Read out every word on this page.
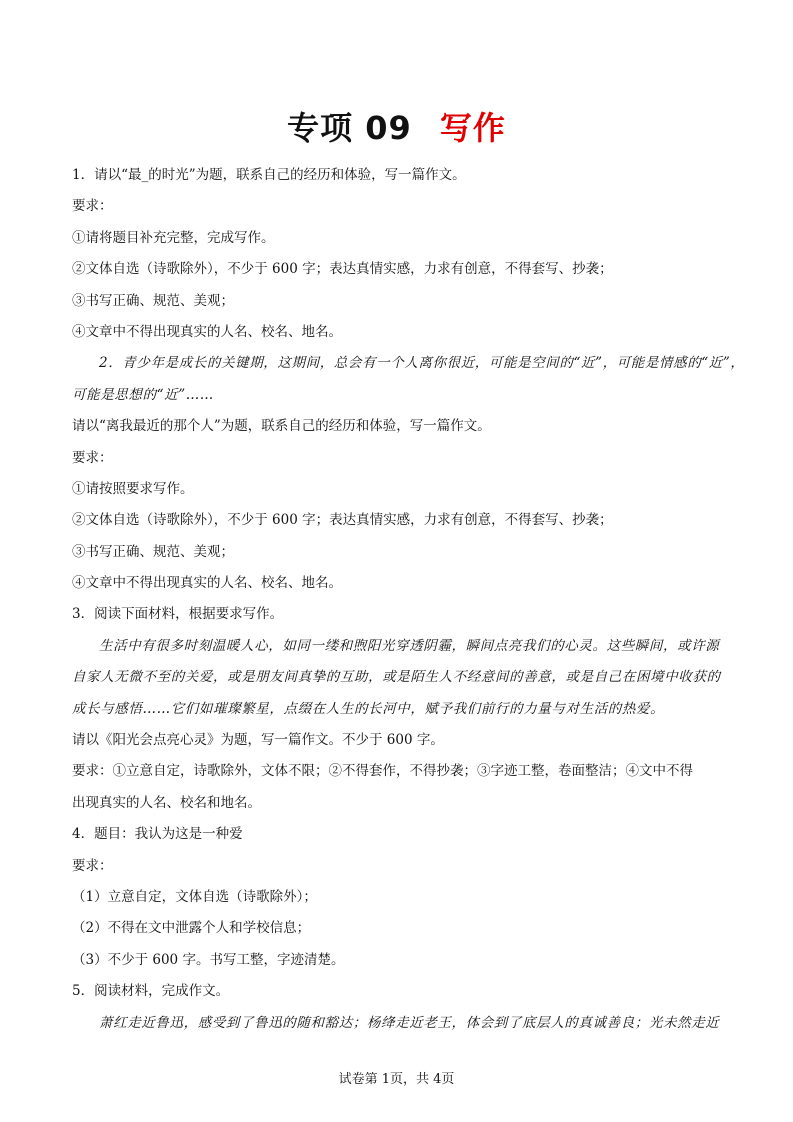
专项 09 写作
1．请以“最_的时光”为题，联系自己的经历和体验，写一篇作文。
要求：
①请将题目补充完整，完成写作。
②文体自选（诗歌除外），不少于 600 字；表达真情实感，力求有创意，不得套写、抄袭；
③书写正确、规范、美观；
④文章中不得出现真实的人名、校名、地名。
2．青少年是成长的关键期，这期间，总会有一个人离你很近，可能是空间的“近”，可能是情感的“近”，
可能是思想的“近”……
请以“离我最近的那个人”为题，联系自己的经历和体验，写一篇作文。
要求：
①请按照要求写作。
②文体自选（诗歌除外），不少于 600 字；表达真情实感，力求有创意，不得套写、抄袭；
③书写正确、规范、美观；
④文章中不得出现真实的人名、校名、地名。
3．阅读下面材料，根据要求写作。
生活中有很多时刻温暖人心，如同一缕和煦阳光穿透阴霾，瞬间点亮我们的心灵。这些瞬间，或许源
自家人无微不至的关爱，或是朋友间真挚的互助，或是陌生人不经意间的善意，或是自己在困境中收获的
成长与感悟……它们如璀璨繁星，点缀在人生的长河中，赋予我们前行的力量与对生活的热爱。
请以《阳光会点亮心灵》为题，写一篇作文。不少于 600 字。
要求：①立意自定，诗歌除外，文体不限；②不得套作，不得抄袭；③字迹工整，卷面整洁；④文中不得
出现真实的人名、校名和地名。
4．题目：我认为这是一种爱
要求：
（1）立意自定，文体自选（诗歌除外）；
（2）不得在文中泄露个人和学校信息；
（3）不少于 600 字。书写工整，字迹清楚。
5．阅读材料，完成作文。
萧红走近鲁迅，感受到了鲁迅的随和豁达；杨绛走近老王，体会到了底层人的真诚善良；光未然走近
试卷第 1页，共 4页
